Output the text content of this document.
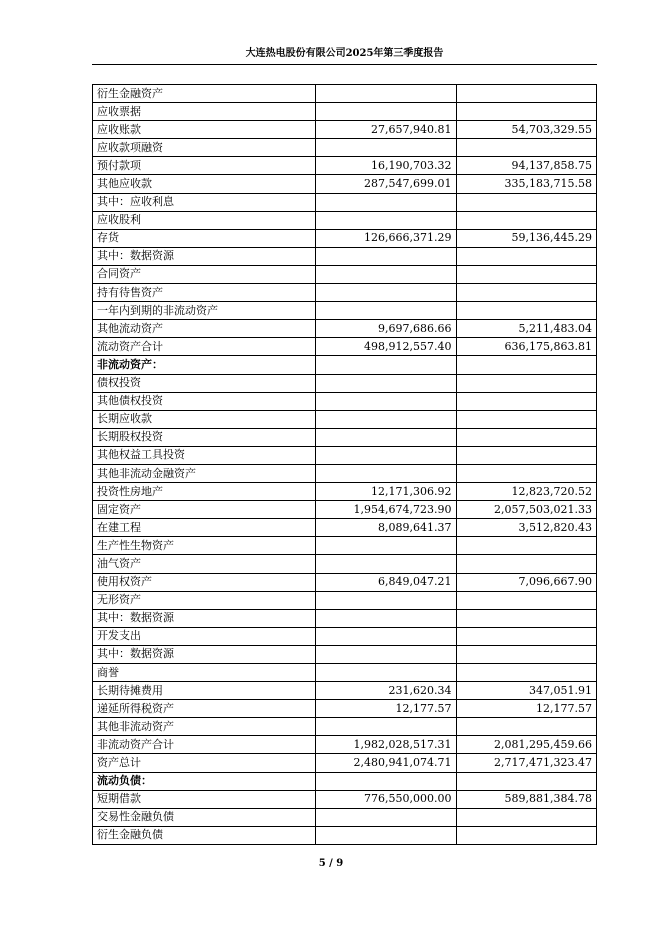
大连热电股份有限公司2025年第三季度报告
衍生金融资产		
应收票据		
应收账款	27,657,940.81	54,703,329.55
应收款项融资		
预付款项	16,190,703.32	94,137,858.75
其他应收款	287,547,699.01	335,183,715.58
其中：应收利息		
应收股利		
存货	126,666,371.29	59,136,445.29
其中：数据资源		
合同资产		
持有待售资产		
一年内到期的非流动资产		
其他流动资产	9,697,686.66	5,211,483.04
流动资产合计	498,912,557.40	636,175,863.81
非流动资产：		
债权投资		
其他债权投资		
长期应收款		
长期股权投资		
其他权益工具投资		
其他非流动金融资产		
投资性房地产	12,171,306.92	12,823,720.52
固定资产	1,954,674,723.90	2,057,503,021.33
在建工程	8,089,641.37	3,512,820.43
生产性生物资产		
油气资产		
使用权资产	6,849,047.21	7,096,667.90
无形资产		
其中：数据资源		
开发支出		
其中：数据资源		
商誉		
长期待摊费用	231,620.34	347,051.91
递延所得税资产	12,177.57	12,177.57
其他非流动资产		
非流动资产合计	1,982,028,517.31	2,081,295,459.66
资产总计	2,480,941,074.71	2,717,471,323.47
流动负债：		
短期借款	776,550,000.00	589,881,384.78
交易性金融负债		
衍生金融负债		
5 / 9
